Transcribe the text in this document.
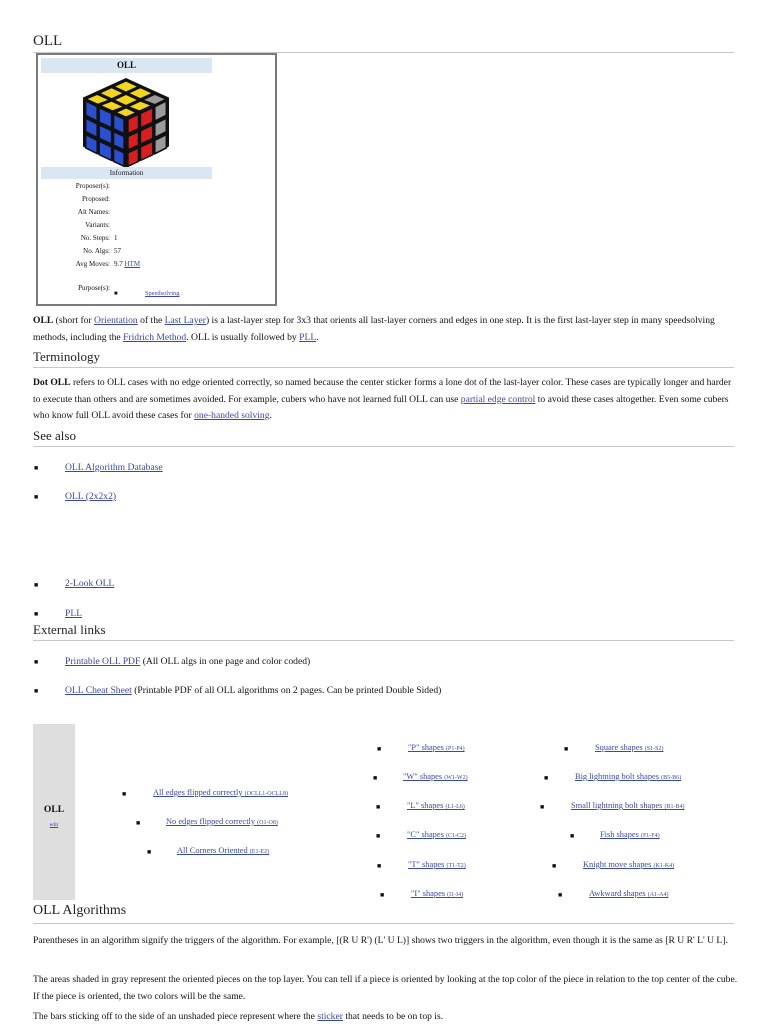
OLL
OLL
Information
Proposer(s):
Proposed:
Alt Names:
Variants:
No. Steps: 1
No. Algs: 57
Avg Moves: 9.7 HTM
Purpose(s):
■	Speedsolving
OLL (short for Orientation of the Last Layer) is a last-layer step for 3x3 that orients all last-layer corners and edges in one step. It is the first last-layer step in many speedsolving methods, including the Fridrich Method. OLL is usually followed by PLL.
Terminology
Dot OLL refers to OLL cases with no edge oriented correctly, so named because the center sticker forms a lone dot of the last-layer color. These cases are typically longer and harder to execute than others and are sometimes avoided. For example, cubers who have not learned full OLL can use partial edge control to avoid these cases altogether. Even some cubers who know full OLL avoid these cases for one-handed solving.
See also
■	OLL Algorithm Database
■	OLL (2x2x2)
■	2-Look OLL
■	PLL
External links
■	Printable OLL PDF (All OLL algs in one page and color coded)
■	OLL Cheat Sheet (Printable PDF of all OLL algorithms on 2 pages. Can be printed Double Sided)
OLL
edit
■	All edges flipped correctly (OCLL1-OCLL8)
■	No edges flipped correctly (O1-O8)
■	All Corners Oriented (E1-E2)
■	"P" shapes (P1-P4)
■	"W" shapes (W1-W2)
■	"L" shapes (L1-L6)
■	"C" shapes (C1-C2)
■	"T" shapes (T1-T2)
■	"I" shapes (I1-I4)
■	Square shapes (S1-S2)
■	Big lightning bolt shapes (B5-B6)
■	Small lightning bolt shapes (B1-B4)
■	Fish shapes (F1-F4)
■	Knight move shapes (K1-K4)
■	Awkward shapes (A1-A4)
OLL Algorithms
Parentheses in an algorithm signify the triggers of the algorithm. For example, [(R U R') (L' U L)] shows two triggers in the algorithm, even though it is the same as [R U R' L' U L].
The areas shaded in gray represent the oriented pieces on the top layer. You can tell if a piece is oriented by looking at the top color of the piece in relation to the top center of the cube. If the piece is oriented, the two colors will be the same.
The bars sticking off to the side of an unshaded piece represent where the sticker that needs to be on top is.
